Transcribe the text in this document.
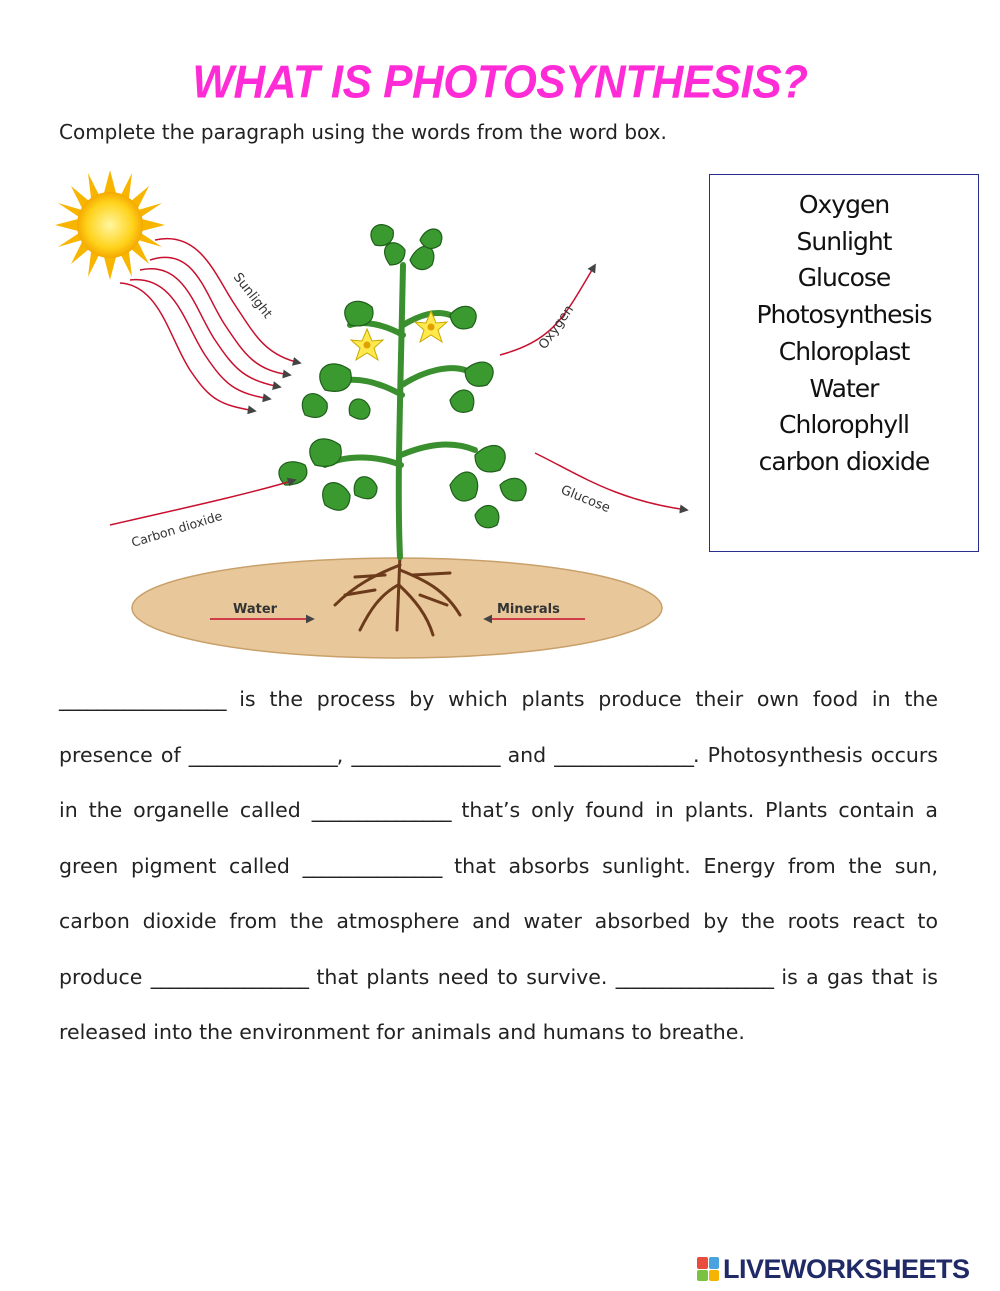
WHAT IS PHOTOSYNTHESIS?
Complete the paragraph using the words from the word box.
Sunlight
Oxygen
Carbon dioxide
Glucose
Water	Minerals
Oxygen
Sunlight
Glucose
Photosynthesis
Chloroplast
Water
Chlorophyll
carbon dioxide
__________________ is the process by which plants produce their own food in the presence of ________________, ________________ and _______________. Photosynthesis occurs in the organelle called _______________ that’s only found in plants. Plants contain a green pigment called _______________ that absorbs sunlight. Energy from the sun, carbon dioxide from the atmosphere and water absorbed by the roots react to produce _________________ that plants need to survive. _________________ is a gas that is released into the environment for animals and humans to breathe.
LIVEWORKSHEETS
